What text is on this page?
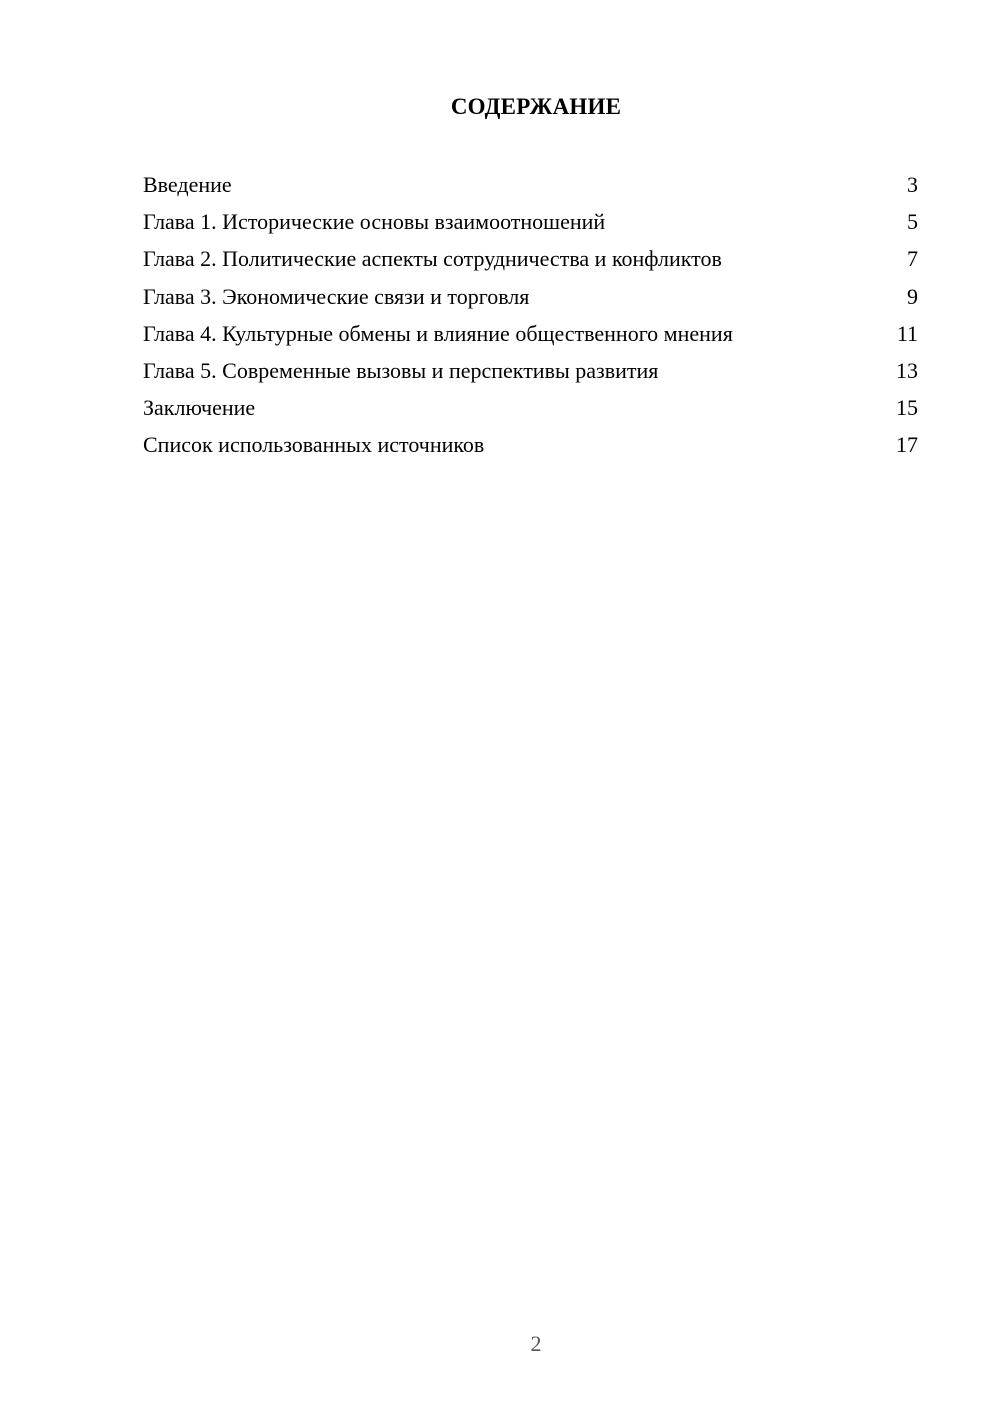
СОДЕРЖАНИЕ
Введение	3
Глава 1. Исторические основы взаимоотношений	5
Глава 2. Политические аспекты сотрудничества и конфликтов	7
Глава 3. Экономические связи и торговля	9
Глава 4. Культурные обмены и влияние общественного мнения	11
Глава 5. Современные вызовы и перспективы развития	13
Заключение	15
Список использованных источников	17
2
